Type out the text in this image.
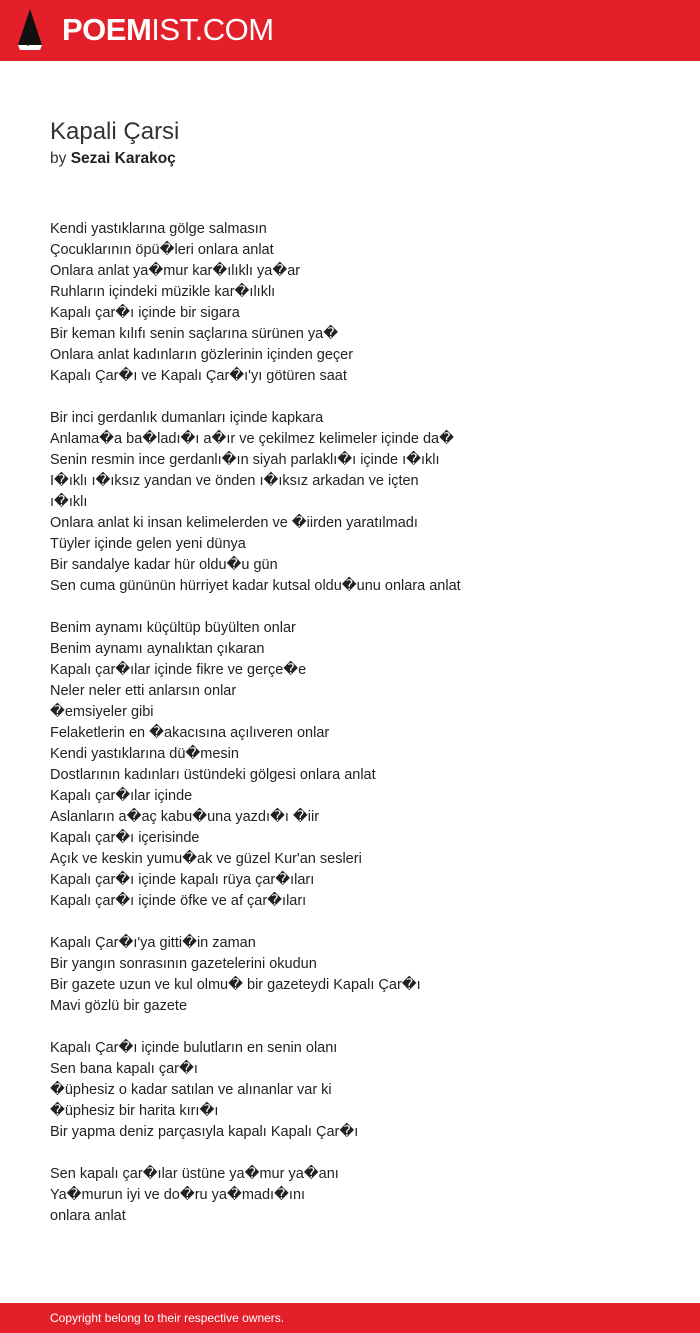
POEMIST.COM
Kapali Çarsi
by Sezai Karakoç
Kendi yastıklarına gölge salmasın
Çocuklarının öpü�leri onlara anlat
Onlara anlat ya�mur kar�ılıklı ya�ar
Ruhların içindeki müzikle kar�ılıklı
Kapalı çar�ı içinde bir sigara
Bir keman kılıfı senin saçlarına sürünen ya�
Onlara anlat kadınların gözlerinin içinden geçer
Kapalı Çar�ı ve Kapalı Çar�ı'yı götüren saat
Bir inci gerdanlık dumanları içinde kapkara
Anlama�a ba�ladı�ı a�ır ve çekilmez kelimeler içinde da�
Senin resmin ince gerdanlı�ın siyah parlaklı�ı içinde ı�ıklı
I�ıklı ı�ıksız yandan ve önden ı�ıksız arkadan ve içten
ı�ıklı
Onlara anlat ki insan kelimelerden ve �iirden yaratılmadı
Tüyler içinde gelen yeni dünya
Bir sandalye kadar hür oldu�u gün
Sen cuma gününün hürriyet kadar kutsal oldu�unu onlara anlat
Benim aynamı küçültüp büyülten onlar
Benim aynamı aynalıktan çıkaran
Kapalı çar�ılar içinde fikre ve gerçe�e
Neler neler etti anlarsın onlar
�emsiyeler gibi
Felaketlerin en �akacısına açılıveren onlar
Kendi yastıklarına dü�mesin
Dostlarının kadınları üstündeki gölgesi onlara anlat
Kapalı çar�ılar içinde
Aslanların a�aç kabu�una yazdı�ı �iir
Kapalı çar�ı içerisinde
Açık ve keskin yumu�ak ve güzel Kur'an sesleri
Kapalı çar�ı içinde kapalı rüya çar�ıları
Kapalı çar�ı içinde öfke ve af çar�ıları
Kapalı Çar�ı'ya gitti�in zaman
Bir yangın sonrasının gazetelerini okudun
Bir gazete uzun ve kul olmu� bir gazeteydi Kapalı Çar�ı
Mavi gözlü bir gazete
Kapalı Çar�ı içinde bulutların en senin olanı
Sen bana kapalı çar�ı
�üphesiz o kadar satılan ve alınanlar var ki
�üphesiz bir harita kırı�ı
Bir yapma deniz parçasıyla kapalı Kapalı Çar�ı
Sen kapalı çar�ılar üstüne ya�mur ya�anı
Ya�murun iyi ve do�ru ya�madı�ını
onlara anlat
Copyright belong to their respective owners.
